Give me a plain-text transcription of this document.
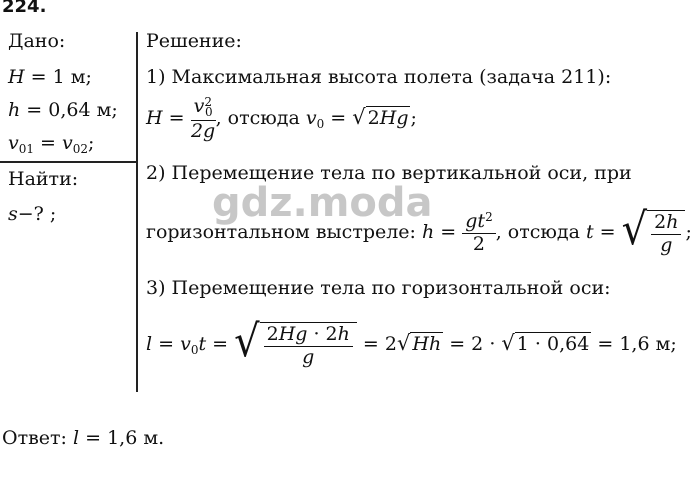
224.
Дано:
H = 1 м;
h = 0,64 м;
$v_{01} = v_{02}$;
Найти:
s−? ;
Решение:
1) Максимальная высота полета (задача 211):
$H = \frac{v^2_0}{2g}$ , отсюда $v_0$ = √ 2Hg ;
2) Перемещение тела по вертикальной оси, при
горизонтальном выстреле: $h = \frac{gt^2}{2}$ , отсюда t = √ $\frac{2h}{g}$ ;
3) Перемещение тела по горизонтальной оси:
$l = v_0t$ = √ $\frac{2Hg \cdot 2h}{g} = 2√$ Hh = 2 · √ 1 · 0,64 = 1,6 м;
gdz.moda
Ответ: l = 1,6 м.
